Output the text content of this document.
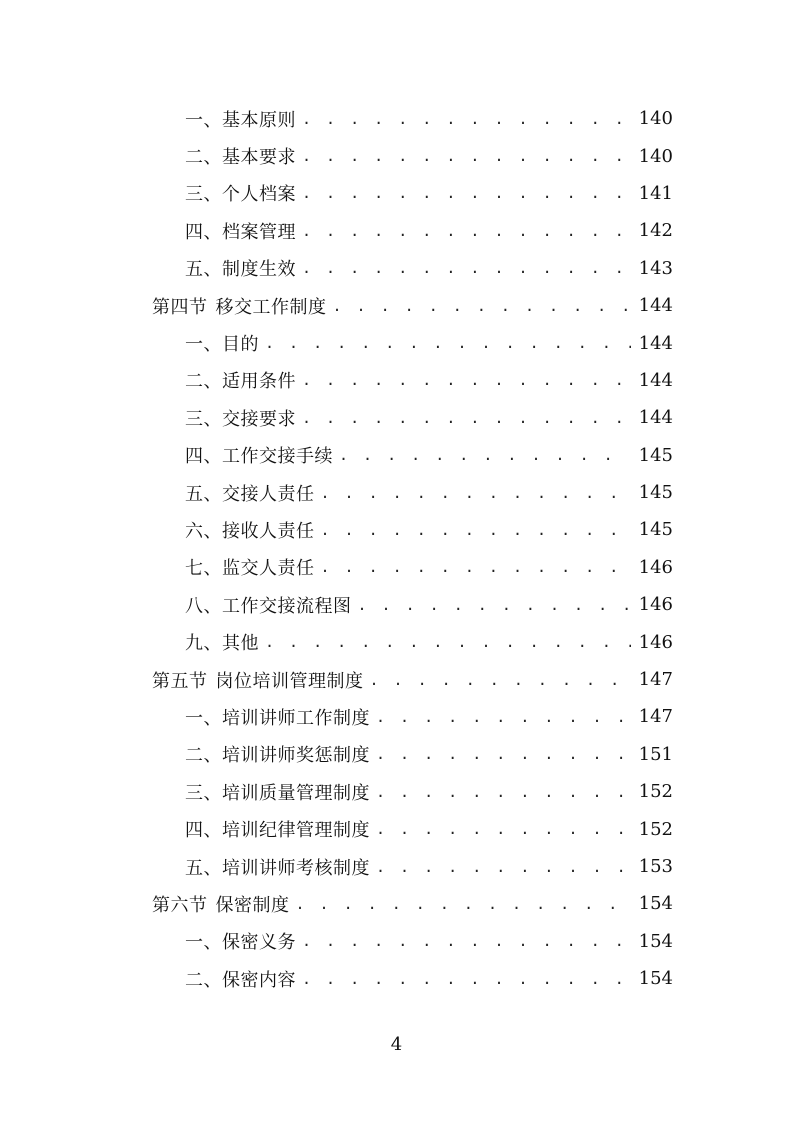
一、基本原则 . . .	140
二、基本要求 . . .	140
三、个人档案 . . .	141
四、档案管理 . . .	142
五、制度生效 . . .	143
第四节 移交工作制度 . . .	144
一、目的 . . .	144
二、适用条件 . . .	144
三、交接要求 . . .	144
四、工作交接手续 . . .	145
五、交接人责任 . . .	145
六、接收人责任 . . .	145
七、监交人责任 . . .	146
八、工作交接流程图 . . .	146
九、其他 . . .	146
第五节 岗位培训管理制度 . . .	147
一、培训讲师工作制度 . . .	147
二、培训讲师奖惩制度 . . .	151
三、培训质量管理制度 . . .	152
四、培训纪律管理制度 . . .	152
五、培训讲师考核制度 . . .	153
第六节 保密制度 . . .	154
一、保密义务 . . .	154
二、保密内容 . . .	154
4
